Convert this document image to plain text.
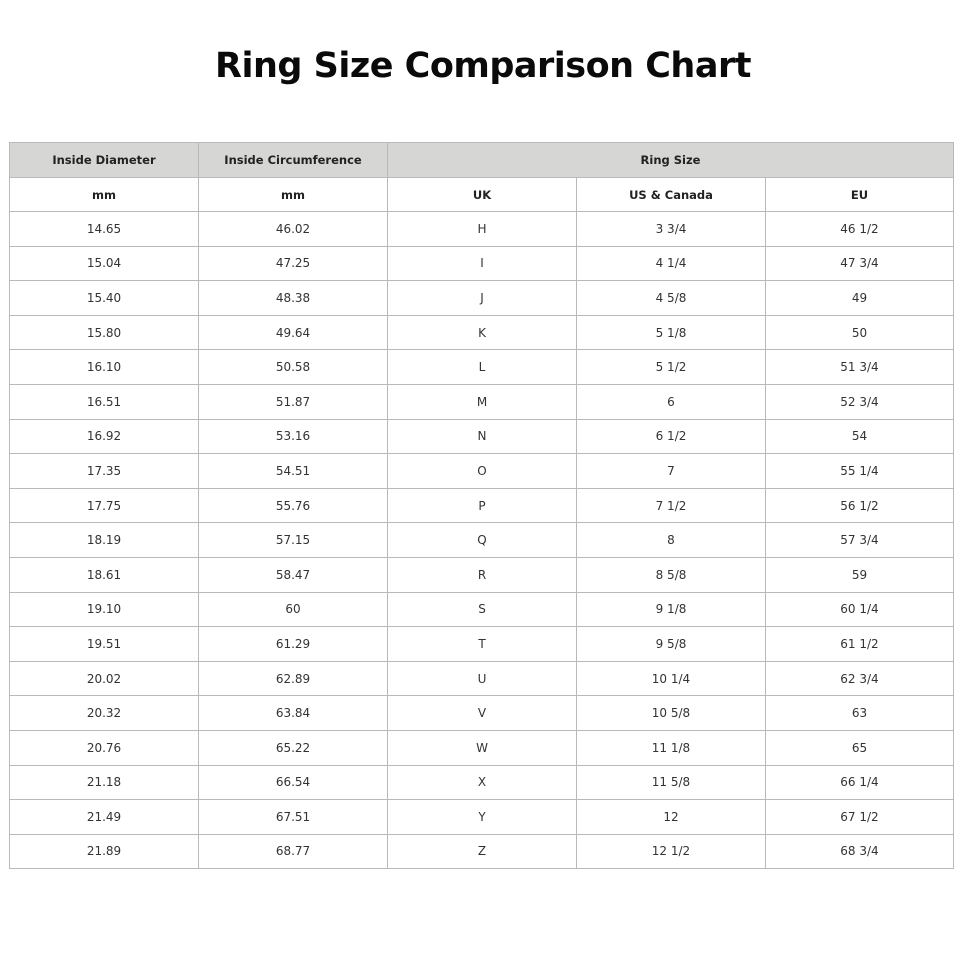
Ring Size Comparison Chart
Inside Diameter	Inside Circumference	Ring Size		
mm	mm	UK	US & Canada	EU
14.65	46.02	H	3 3/4	46 1/2
15.04	47.25	I	4 1/4	47 3/4
15.40	48.38	J	4 5/8	49
15.80	49.64	K	5 1/8	50
16.10	50.58	L	5 1/2	51 3/4
16.51	51.87	M	6	52 3/4
16.92	53.16	N	6 1/2	54
17.35	54.51	O	7	55 1/4
17.75	55.76	P	7 1/2	56 1/2
18.19	57.15	Q	8	57 3/4
18.61	58.47	R	8 5/8	59
19.10	60	S	9 1/8	60 1/4
19.51	61.29	T	9 5/8	61 1/2
20.02	62.89	U	10 1/4	62 3/4
20.32	63.84	V	10 5/8	63
20.76	65.22	W	11 1/8	65
21.18	66.54	X	11 5/8	66 1/4
21.49	67.51	Y	12	67 1/2
21.89	68.77	Z	12 1/2	68 3/4
